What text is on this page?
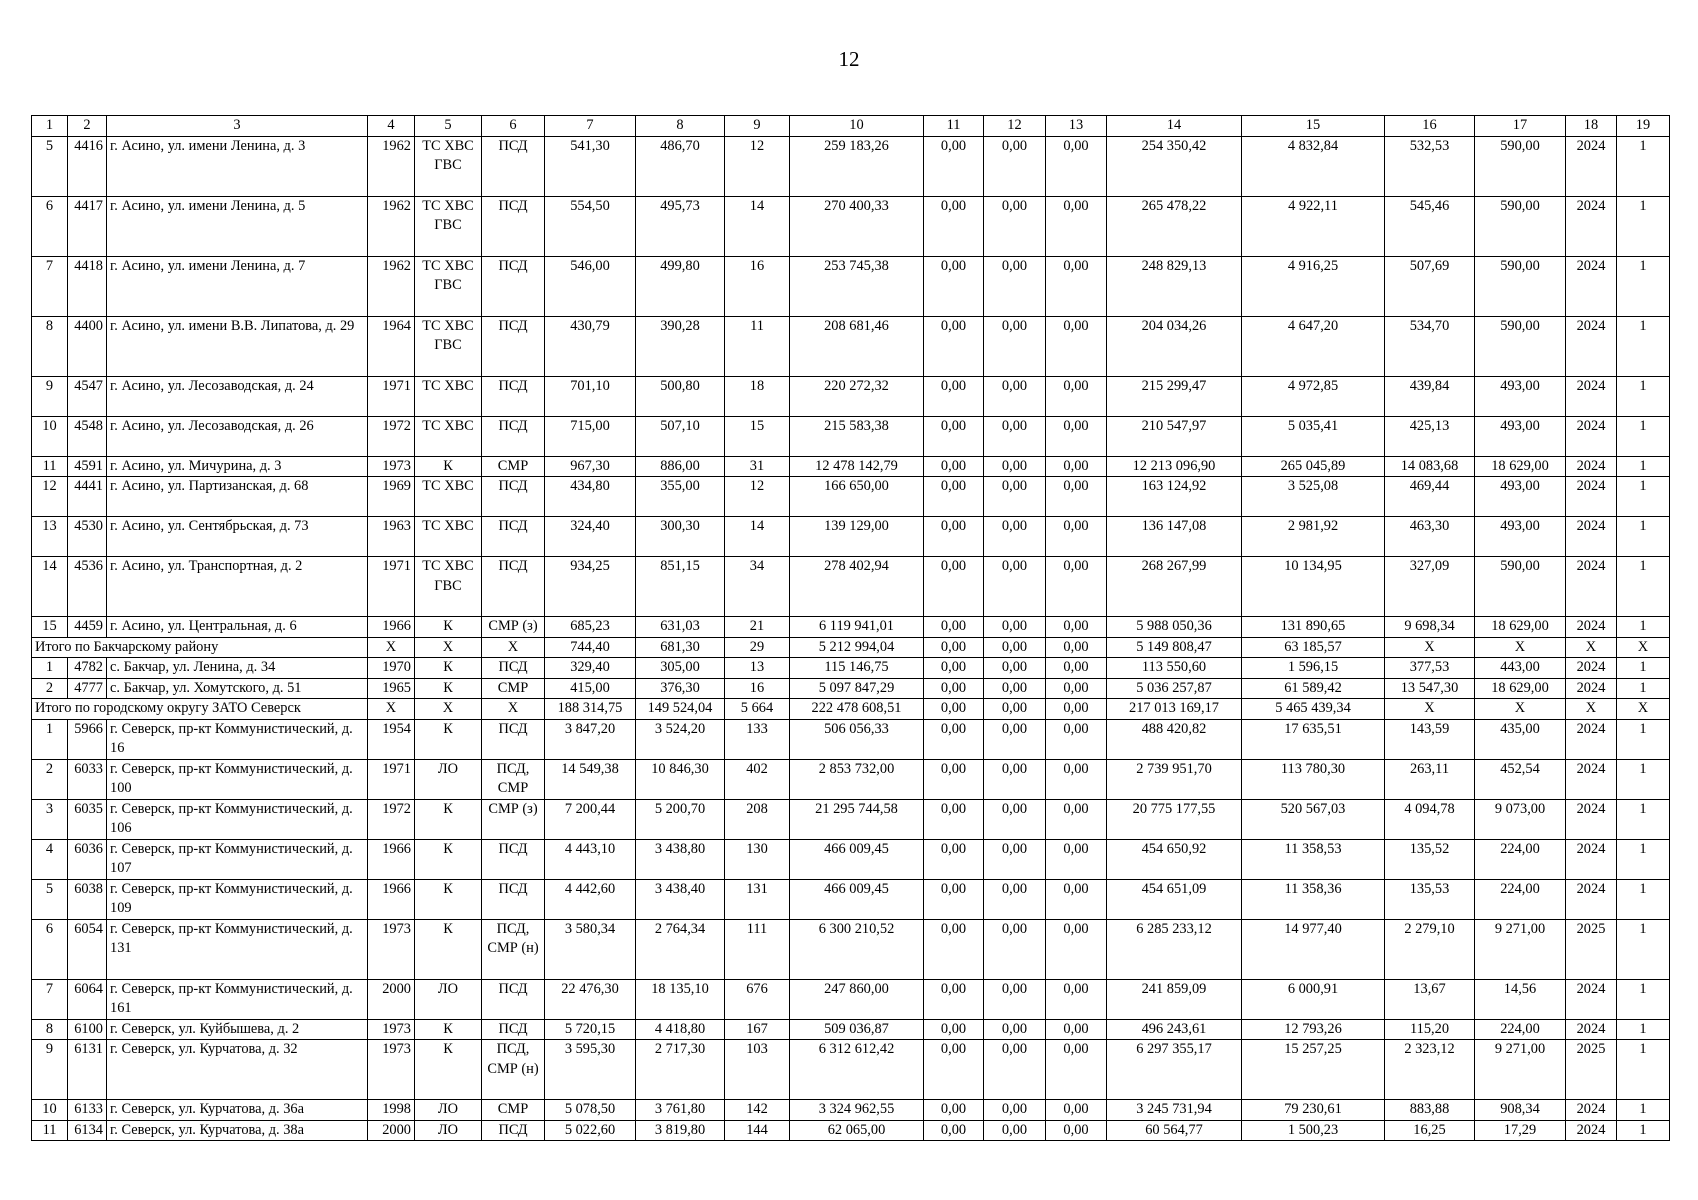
12
1	2	3	4	5	6	7	8	9	10	11	12	13	14	15	16	17	18	19
5	4416	г. Асино, ул. имени Ленина, д. 3	1962	ТС ХВС ГВС	ПСД	541,30	486,70	12	259 183,26	0,00	0,00	0,00	254 350,42	4 832,84	532,53	590,00	2024	1
6	4417	г. Асино, ул. имени Ленина, д. 5	1962	ТС ХВС ГВС	ПСД	554,50	495,73	14	270 400,33	0,00	0,00	0,00	265 478,22	4 922,11	545,46	590,00	2024	1
7	4418	г. Асино, ул. имени Ленина, д. 7	1962	ТС ХВС ГВС	ПСД	546,00	499,80	16	253 745,38	0,00	0,00	0,00	248 829,13	4 916,25	507,69	590,00	2024	1
8	4400	г. Асино, ул. имени В.В. Липатова, д. 29	1964	ТС ХВС ГВС	ПСД	430,79	390,28	11	208 681,46	0,00	0,00	0,00	204 034,26	4 647,20	534,70	590,00	2024	1
9	4547	г. Асино, ул. Лесозаводская, д. 24	1971	ТС ХВС	ПСД	701,10	500,80	18	220 272,32	0,00	0,00	0,00	215 299,47	4 972,85	439,84	493,00	2024	1
10	4548	г. Асино, ул. Лесозаводская, д. 26	1972	ТС ХВС	ПСД	715,00	507,10	15	215 583,38	0,00	0,00	0,00	210 547,97	5 035,41	425,13	493,00	2024	1
11	4591	г. Асино, ул. Мичурина, д. 3	1973	К	СМР	967,30	886,00	31	12 478 142,79	0,00	0,00	0,00	12 213 096,90	265 045,89	14 083,68	18 629,00	2024	1
12	4441	г. Асино, ул. Партизанская, д. 68	1969	ТС ХВС	ПСД	434,80	355,00	12	166 650,00	0,00	0,00	0,00	163 124,92	3 525,08	469,44	493,00	2024	1
13	4530	г. Асино, ул. Сентябрьская, д. 73	1963	ТС ХВС	ПСД	324,40	300,30	14	139 129,00	0,00	0,00	0,00	136 147,08	2 981,92	463,30	493,00	2024	1
14	4536	г. Асино, ул. Транспортная, д. 2	1971	ТС ХВС ГВС	ПСД	934,25	851,15	34	278 402,94	0,00	0,00	0,00	268 267,99	10 134,95	327,09	590,00	2024	1
15	4459	г. Асино, ул. Центральная, д. 6	1966	К	СМР (з)	685,23	631,03	21	6 119 941,01	0,00	0,00	0,00	5 988 050,36	131 890,65	9 698,34	18 629,00	2024	1
Итого по Бакчарскому району			X	X	X	744,40	681,30	29	5 212 994,04	0,00	0,00	0,00	5 149 808,47	63 185,57	X	X	X	X
1	4782	с. Бакчар, ул. Ленина, д. 34	1970	К	ПСД	329,40	305,00	13	115 146,75	0,00	0,00	0,00	113 550,60	1 596,15	377,53	443,00	2024	1
2	4777	с. Бакчар, ул. Хомутского, д. 51	1965	К	СМР	415,00	376,30	16	5 097 847,29	0,00	0,00	0,00	5 036 257,87	61 589,42	13 547,30	18 629,00	2024	1
Итого по городскому округу ЗАТО Северск			X	X	X	188 314,75	149 524,04	5 664	222 478 608,51	0,00	0,00	0,00	217 013 169,17	5 465 439,34	X	X	X	X
1	5966	г. Северск, пр-кт Коммунистический, д. 16	1954	К	ПСД	3 847,20	3 524,20	133	506 056,33	0,00	0,00	0,00	488 420,82	17 635,51	143,59	435,00	2024	1
2	6033	г. Северск, пр-кт Коммунистический, д. 100	1971	ЛО	ПСД, СМР	14 549,38	10 846,30	402	2 853 732,00	0,00	0,00	0,00	2 739 951,70	113 780,30	263,11	452,54	2024	1
3	6035	г. Северск, пр-кт Коммунистический, д. 106	1972	К	СМР (з)	7 200,44	5 200,70	208	21 295 744,58	0,00	0,00	0,00	20 775 177,55	520 567,03	4 094,78	9 073,00	2024	1
4	6036	г. Северск, пр-кт Коммунистический, д. 107	1966	К	ПСД	4 443,10	3 438,80	130	466 009,45	0,00	0,00	0,00	454 650,92	11 358,53	135,52	224,00	2024	1
5	6038	г. Северск, пр-кт Коммунистический, д. 109	1966	К	ПСД	4 442,60	3 438,40	131	466 009,45	0,00	0,00	0,00	454 651,09	11 358,36	135,53	224,00	2024	1
6	6054	г. Северск, пр-кт Коммунистический, д. 131	1973	К	ПСД, СМР (н)	3 580,34	2 764,34	111	6 300 210,52	0,00	0,00	0,00	6 285 233,12	14 977,40	2 279,10	9 271,00	2025	1
7	6064	г. Северск, пр-кт Коммунистический, д. 161	2000	ЛО	ПСД	22 476,30	18 135,10	676	247 860,00	0,00	0,00	0,00	241 859,09	6 000,91	13,67	14,56	2024	1
8	6100	г. Северск, ул. Куйбышева, д. 2	1973	К	ПСД	5 720,15	4 418,80	167	509 036,87	0,00	0,00	0,00	496 243,61	12 793,26	115,20	224,00	2024	1
9	6131	г. Северск, ул. Курчатова, д. 32	1973	К	ПСД, СМР (н)	3 595,30	2 717,30	103	6 312 612,42	0,00	0,00	0,00	6 297 355,17	15 257,25	2 323,12	9 271,00	2025	1
10	6133	г. Северск, ул. Курчатова, д. 36а	1998	ЛО	СМР	5 078,50	3 761,80	142	3 324 962,55	0,00	0,00	0,00	3 245 731,94	79 230,61	883,88	908,34	2024	1
11	6134	г. Северск, ул. Курчатова, д. 38а	2000	ЛО	ПСД	5 022,60	3 819,80	144	62 065,00	0,00	0,00	0,00	60 564,77	1 500,23	16,25	17,29	2024	1
